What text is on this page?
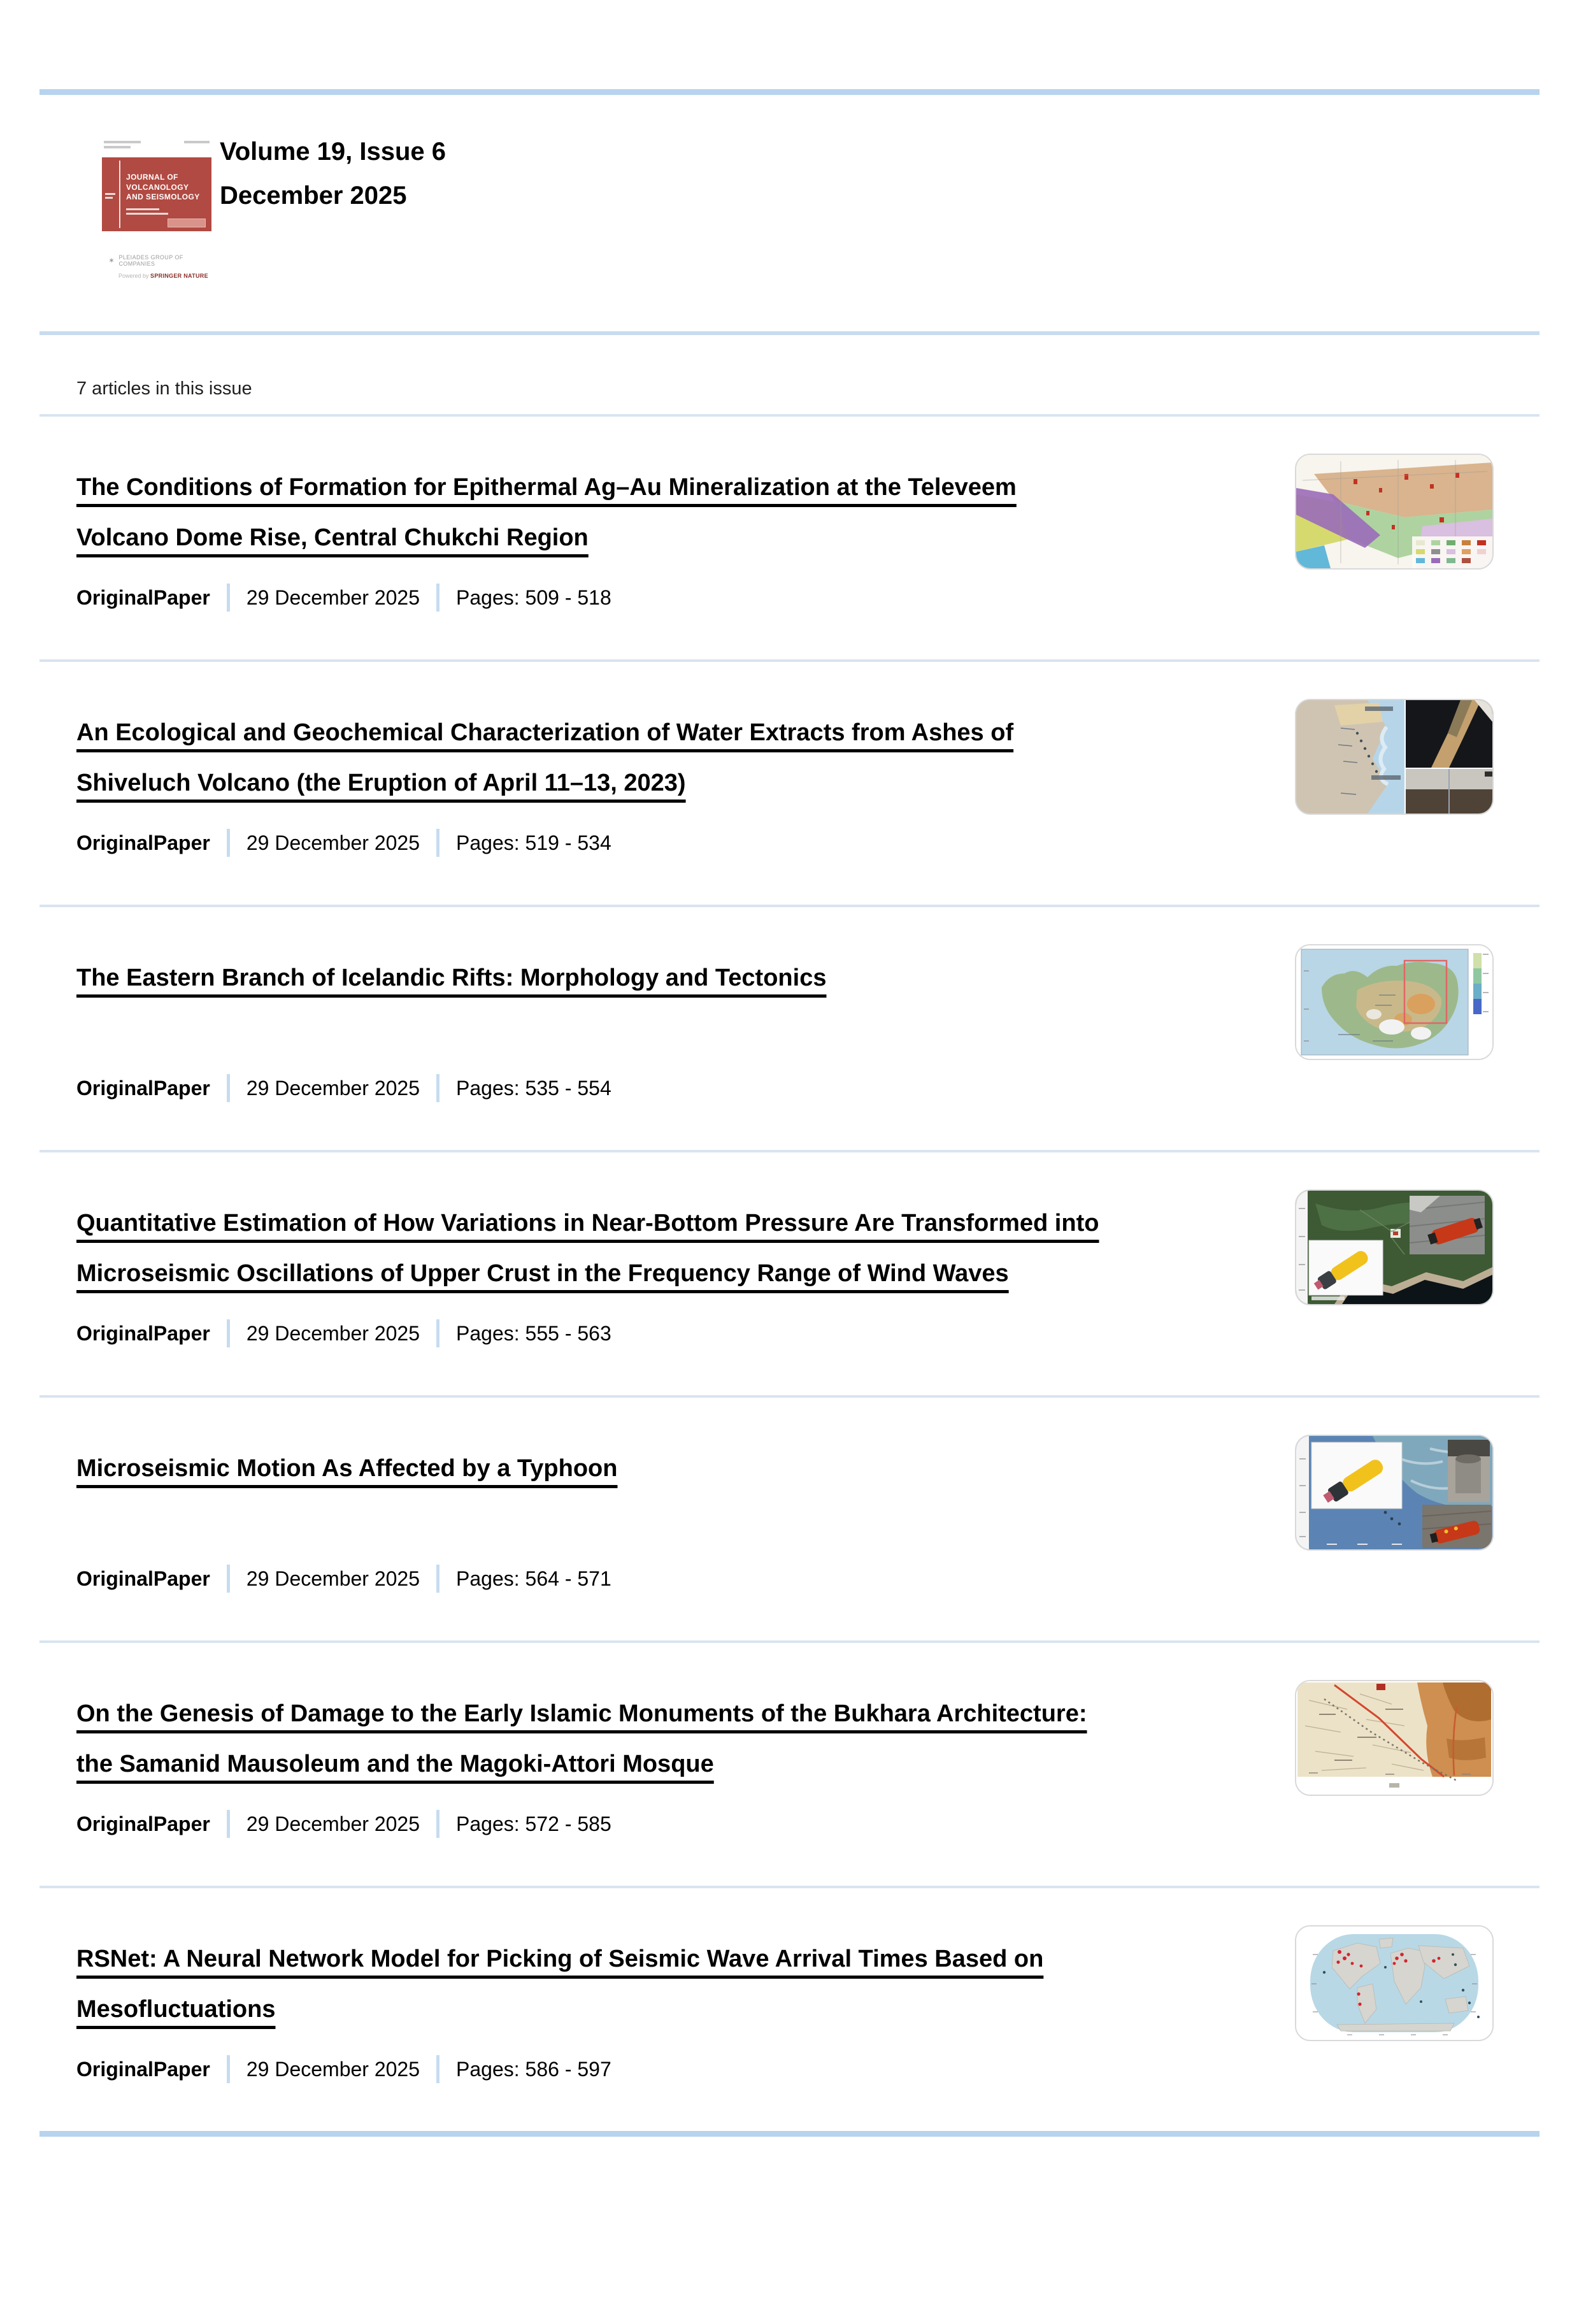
JOURNAL OF VOLCANOLOGY AND SEISMOLOGY
✶ PLEIADES GROUP OF COMPANIES
Powered by SPRINGER NATURE
Volume 19, Issue 6
December 2025
7 articles in this issue
The Conditions of Formation for Epithermal Ag–Au Mineralization at the Televeem Volcano Dome Rise, Central Chukchi Region
OriginalPaper 29 December 2025 Pages: 509 - 518
An Ecological and Geochemical Characterization of Water Extracts from Ashes of Shiveluch Volcano (the Eruption of April 11–13, 2023)
OriginalPaper 29 December 2025 Pages: 519 - 534
The Eastern Branch of Icelandic Rifts: Morphology and Tectonics
OriginalPaper 29 December 2025 Pages: 535 - 554
Quantitative Estimation of How Variations in Near-Bottom Pressure Are Transformed into Microseismic Oscillations of Upper Crust in the Frequency Range of Wind Waves
OriginalPaper 29 December 2025 Pages: 555 - 563
Microseismic Motion As Affected by a Typhoon
OriginalPaper 29 December 2025 Pages: 564 - 571
On the Genesis of Damage to the Early Islamic Monuments of the Bukhara Architecture: the Samanid Mausoleum and the Magoki-Attori Mosque
OriginalPaper 29 December 2025 Pages: 572 - 585
RSNet: A Neural Network Model for Picking of Seismic Wave Arrival Times Based on Mesofluctuations
OriginalPaper 29 December 2025 Pages: 586 - 597
